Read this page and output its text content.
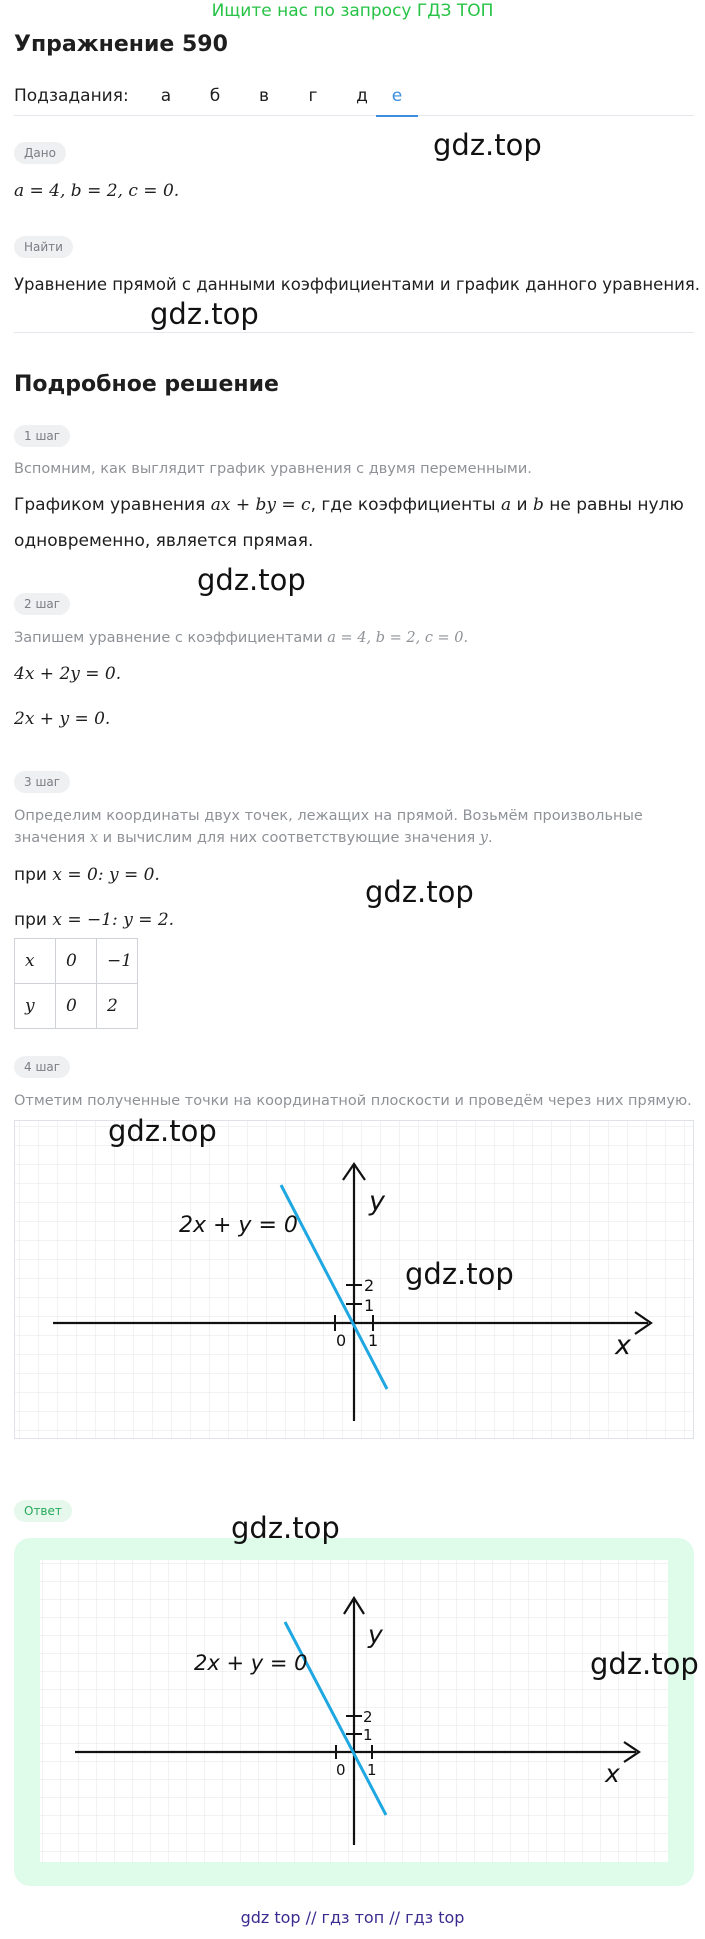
Ищите нас по запросу ГДЗ ТОП
Упражнение 590
Подзадания:	а	б	в	г	д	е
Дано
a = 4, b = 2, c = 0.
gdz.top
Найти
Уравнение прямой с данными коэффициентами и график данного уравнения.
gdz.top
Подробное решение
1 шаг
Вспомним, как выглядит график уравнения с двумя переменными.
Графиком уравнения ax + by = c, где коэффициенты a и b не равны нулю
одновременно, является прямая.
gdz.top
2 шаг
Запишем уравнение с коэффициентами a = 4, b = 2, c = 0.
4x + 2y = 0.
2x + y = 0.
3 шаг
Определим координаты двух точек, лежащих на прямой. Возьмём произвольные
значения x и вычислим для них соответствующие значения y.
при x = 0: y = 0.
при x = −1: y = 2.
gdz.top
x	0	−1
y	0	2
4 шаг
Отметим полученные точки на координатной плоскости и проведём через них прямую.
0 1
1
2
x
y
2x + y = 0
gdz.top
gdz.top
Ответ
0 1
1
2
x
y
2x + y = 0
gdz.top
gdz.top
gdz top // гдз топ // гдз top
